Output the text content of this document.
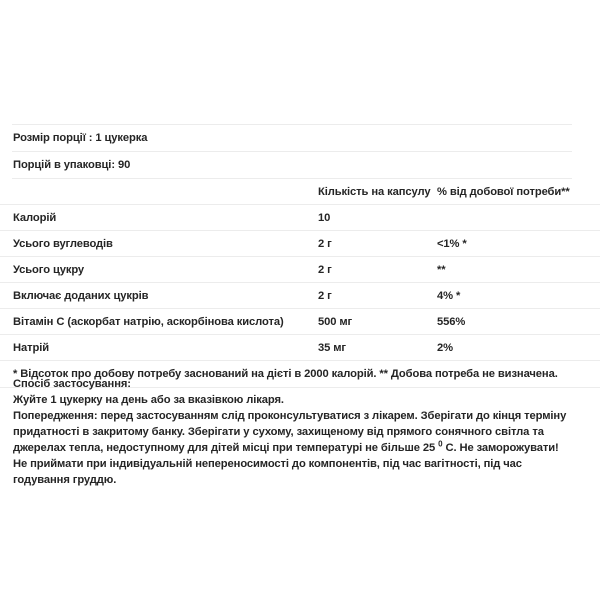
Розмір порції : 1 цукерка
Порцій в упаковці: 90
	Кількість на капсулу	% від добової потреби**
Калорій	10	
Усього вуглеводів	2 г	<1% *
Усього цукру	2 г	**
Включає доданих цукрів	2 г	4% *
Вітамін C (аскорбат натрію, аскорбінова кислота)	500 мг	556%
Натрій	35 мг	2%
* Відсоток про добову потребу заснований на дієті в 2000 калорій. ** Добова потреба не визначена.		

Спосіб застосування:

Жуйте 1 цукерку на день або за вказівкою лікаря.

Попередження: перед застосуванням слід проконсультуватися з лікарем. Зберігати до кінця терміну придатності в закритому банку. Зберігати у сухому, захищеному від прямого сонячного світла та джерелах тепла, недоступному для дітей місці при температурі не більше 25 $^0$ С. Не заморожувати! Не приймати при індивідуальній непереносимості до компонентів, під час вагітності, під час годування груддю.
